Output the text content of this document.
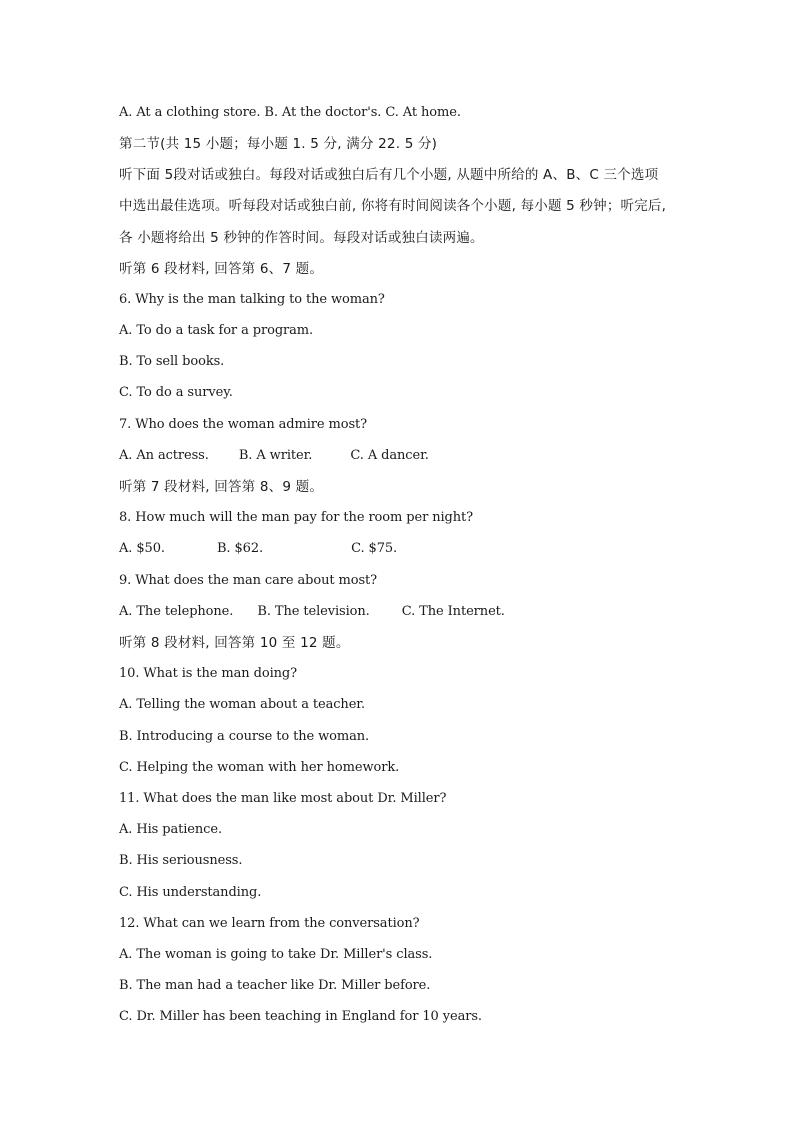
A. At a clothing store. B. At the doctor's. C. At home.
第二节(共 15 小题；每小题 1. 5 分, 满分 22. 5 分)
听下面 5段对话或独白。每段对话或独白后有几个小题, 从题中所给的 A、B、C 三个选项
中选出最佳选项。听每段对话或独白前, 你将有时间阅读各个小题, 每小题 5 秒钟；听完后,
各 小题将给出 5 秒钟的作答时间。每段对话或独白读两遍。
听第 6 段材料, 回答第 6、7 题。
6. Why is the man talking to the woman?
A. To do a task for a program.
B. To sell books.
C. To do a survey.
7. Who does the woman admire most?
A. An actress. B. A writer.	C. A dancer.
听第 7 段材料, 回答第 8、9 题。
8. How much will the man pay for the room per night?
A. $50.	B. $62.	C. $75.
9. What does the man care about most?
A. The telephone. B. The television. C. The Internet.
听第 8 段材料, 回答第 10 至 12 题。
10. What is the man doing?
A. Telling the woman about a teacher.
B. Introducing a course to the woman.
C. Helping the woman with her homework.
11. What does the man like most about Dr. Miller?
A. His patience.
B. His seriousness.
C. His understanding.
12. What can we learn from the conversation?
A. The woman is going to take Dr. Miller's class.
B. The man had a teacher like Dr. Miller before.
C. Dr. Miller has been teaching in England for 10 years.
